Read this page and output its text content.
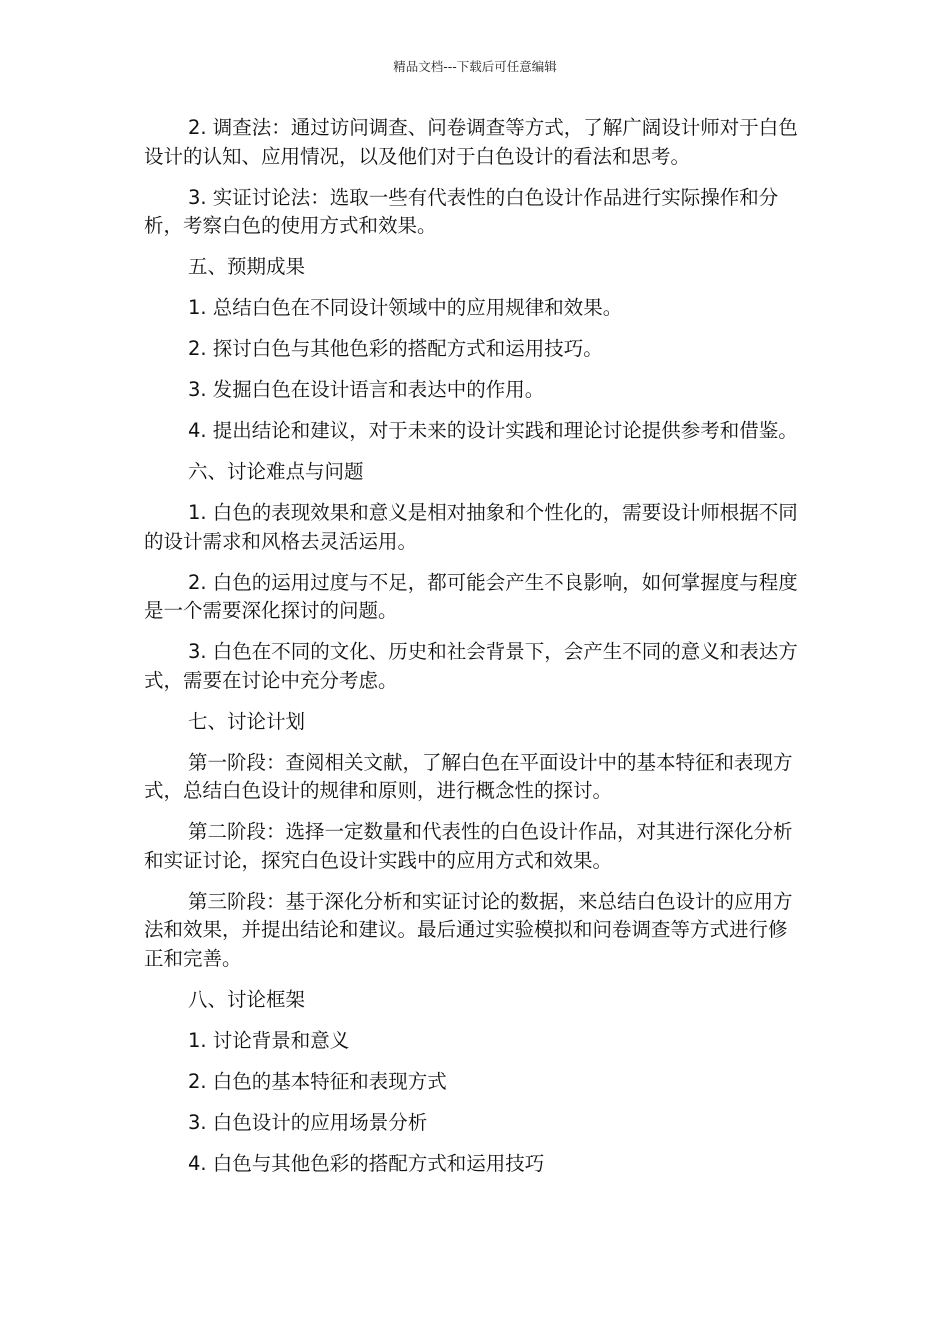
精品文档---下载后可任意编辑

2. 调查法：通过访问调查、问卷调查等方式，了解广阔设计师对于白色设计的认知、应用情况，以及他们对于白色设计的看法和思考。

3. 实证讨论法：选取一些有代表性的白色设计作品进行实际操作和分析，考察白色的使用方式和效果。

五、预期成果

1. 总结白色在不同设计领域中的应用规律和效果。

2. 探讨白色与其他色彩的搭配方式和运用技巧。

3. 发掘白色在设计语言和表达中的作用。

4. 提出结论和建议，对于未来的设计实践和理论讨论提供参考和借鉴。

六、讨论难点与问题

1. 白色的表现效果和意义是相对抽象和个性化的，需要设计师根据不同的设计需求和风格去灵活运用。

2. 白色的运用过度与不足，都可能会产生不良影响，如何掌握度与程度是一个需要深化探讨的问题。

3. 白色在不同的文化、历史和社会背景下，会产生不同的意义和表达方式，需要在讨论中充分考虑。

七、讨论计划

第一阶段：查阅相关文献，了解白色在平面设计中的基本特征和表现方式，总结白色设计的规律和原则，进行概念性的探讨。

第二阶段：选择一定数量和代表性的白色设计作品，对其进行深化分析和实证讨论，探究白色设计实践中的应用方式和效果。

第三阶段：基于深化分析和实证讨论的数据，来总结白色设计的应用方法和效果，并提出结论和建议。最后通过实验模拟和问卷调查等方式进行修正和完善。

八、讨论框架

1. 讨论背景和意义

2. 白色的基本特征和表现方式

3. 白色设计的应用场景分析

4. 白色与其他色彩的搭配方式和运用技巧
